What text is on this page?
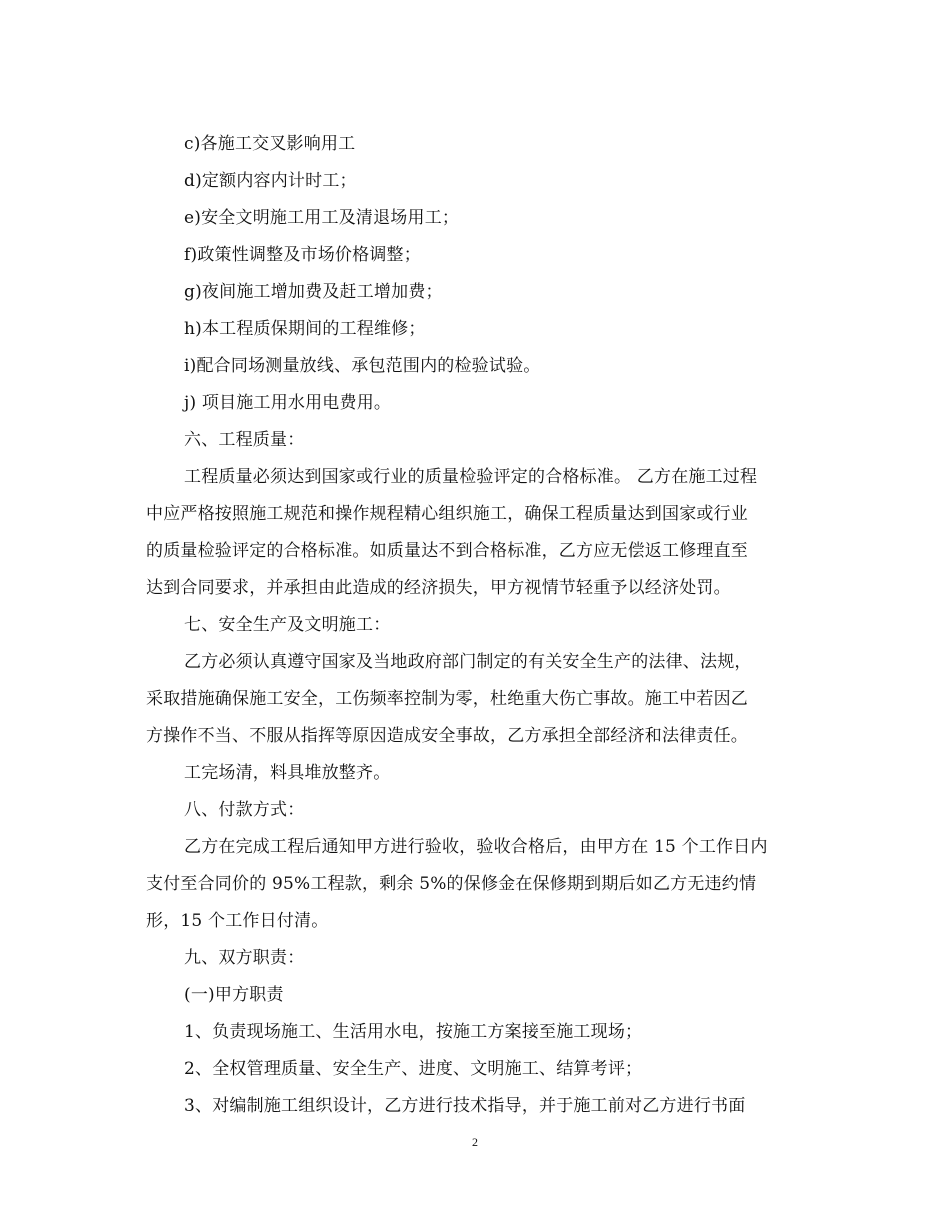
c)各施工交叉影响用工
d)定额内容内计时工；
e)安全文明施工用工及清退场用工；
f)政策性调整及市场价格调整；
g)夜间施工增加费及赶工增加费；
h)本工程质保期间的工程维修；
i)配合同场测量放线、承包范围内的检验试验。
j) 项目施工用水用电费用。
六、工程质量：
工程质量必须达到国家或行业的质量检验评定的合格标准。 乙方在施工过程
中应严格按照施工规范和操作规程精心组织施工，确保工程质量达到国家或行业
的质量检验评定的合格标准。如质量达不到合格标准，乙方应无偿返工修理直至
达到合同要求，并承担由此造成的经济损失，甲方视情节轻重予以经济处罚。
七、安全生产及文明施工：
乙方必须认真遵守国家及当地政府部门制定的有关安全生产的法律、法规，
采取措施确保施工安全，工伤频率控制为零，杜绝重大伤亡事故。施工中若因乙
方操作不当、不服从指挥等原因造成安全事故，乙方承担全部经济和法律责任。
工完场清，料具堆放整齐。
八、付款方式：
乙方在完成工程后通知甲方进行验收，验收合格后，由甲方在 15 个工作日内
支付至合同价的 95%工程款，剩余 5%的保修金在保修期到期后如乙方无违约情
形，15 个工作日付清。
九、双方职责：
(一)甲方职责
1、负责现场施工、生活用水电，按施工方案接至施工现场；
2、全权管理质量、安全生产、进度、文明施工、结算考评；
3、对编制施工组织设计，乙方进行技术指导，并于施工前对乙方进行书面
2
